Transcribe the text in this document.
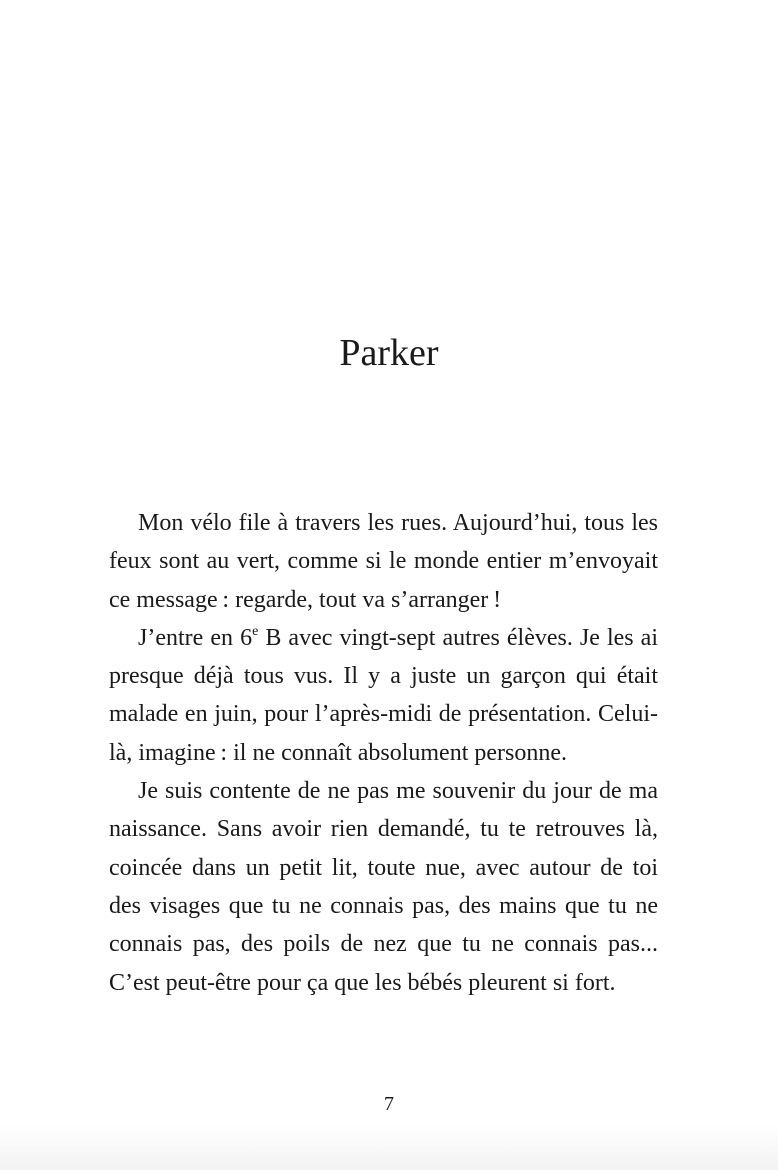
Parker

Mon vélo file à travers les rues. Aujourd’hui, tous les feux sont au vert, comme si le monde entier m’envoyait ce message : regarde, tout va s’arranger !

J’entre en 6e B avec vingt-sept autres élèves. Je les ai presque déjà tous vus. Il y a juste un garçon qui était malade en juin, pour l’après-midi de présentation. Celui-là, imagine : il ne connaît absolument personne.

Je suis contente de ne pas me souvenir du jour de ma naissance. Sans avoir rien demandé, tu te retrouves là, coincée dans un petit lit, toute nue, avec autour de toi des visages que tu ne connais pas, des mains que tu ne connais pas, des poils de nez que tu ne connais pas... C’est peut-être pour ça que les bébés pleurent si fort.

7
